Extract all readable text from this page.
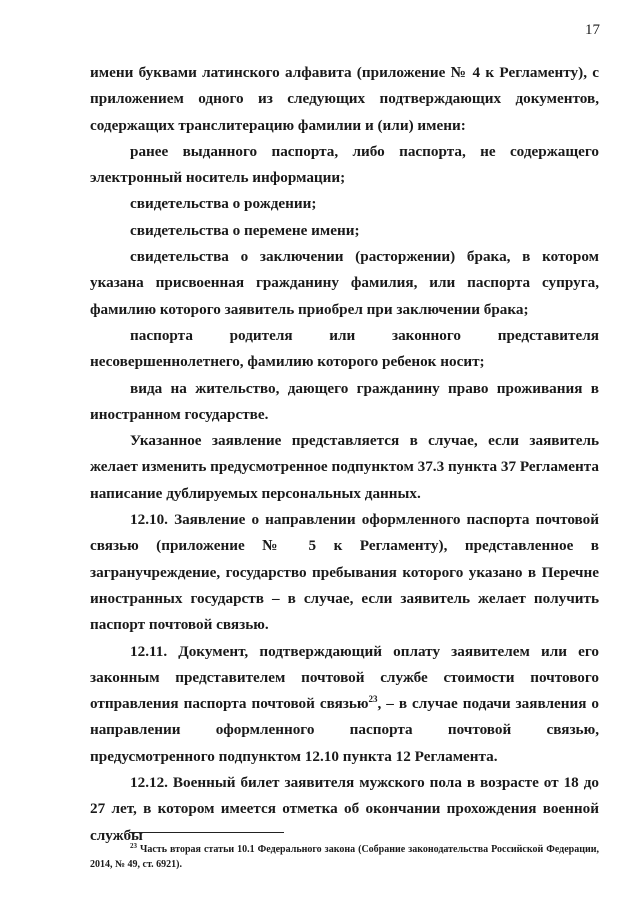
17

имени буквами латинского алфавита (приложение № 4 к Регламенту), с приложением одного из следующих подтверждающих документов, содержащих транслитерацию фамилии и (или) имени:

ранее выданного паспорта, либо паспорта, не содержащего электронный носитель информации;

свидетельства о рождении;

свидетельства о перемене имени;

свидетельства о заключении (расторжении) брака, в котором указана присвоенная гражданину фамилия, или паспорта супруга, фамилию которого заявитель приобрел при заключении брака;

паспорта родителя или законного представителя несовершеннолетнего, фамилию которого ребенок носит;

вида на жительство, дающего гражданину право проживания в иностранном государстве.

Указанное заявление представляется в случае, если заявитель желает изменить предусмотренное подпунктом 37.3 пункта 37 Регламента написание дублируемых персональных данных.

12.10. Заявление о направлении оформленного паспорта почтовой связью (приложение № 5 к Регламенту), представленное в загранучреждение, государство пребывания которого указано в Перечне иностранных государств – в случае, если заявитель желает получить паспорт почтовой связью.

12.11. Документ, подтверждающий оплату заявителем или его законным представителем почтовой службе стоимости почтового отправления паспорта почтовой связью$^{23}$, – в случае подачи заявления о направлении оформленного паспорта почтовой связью, предусмотренного подпунктом 12.10 пункта 12 Регламента.

12.12. Военный билет заявителя мужского пола в возрасте от 18 до 27 лет, в котором имеется отметка об окончании прохождения военной службы

$^{23}$ Часть вторая статьи 10.1 Федерального закона (Собрание законодательства Российской Федерации, 2014, № 49, ст. 6921).
